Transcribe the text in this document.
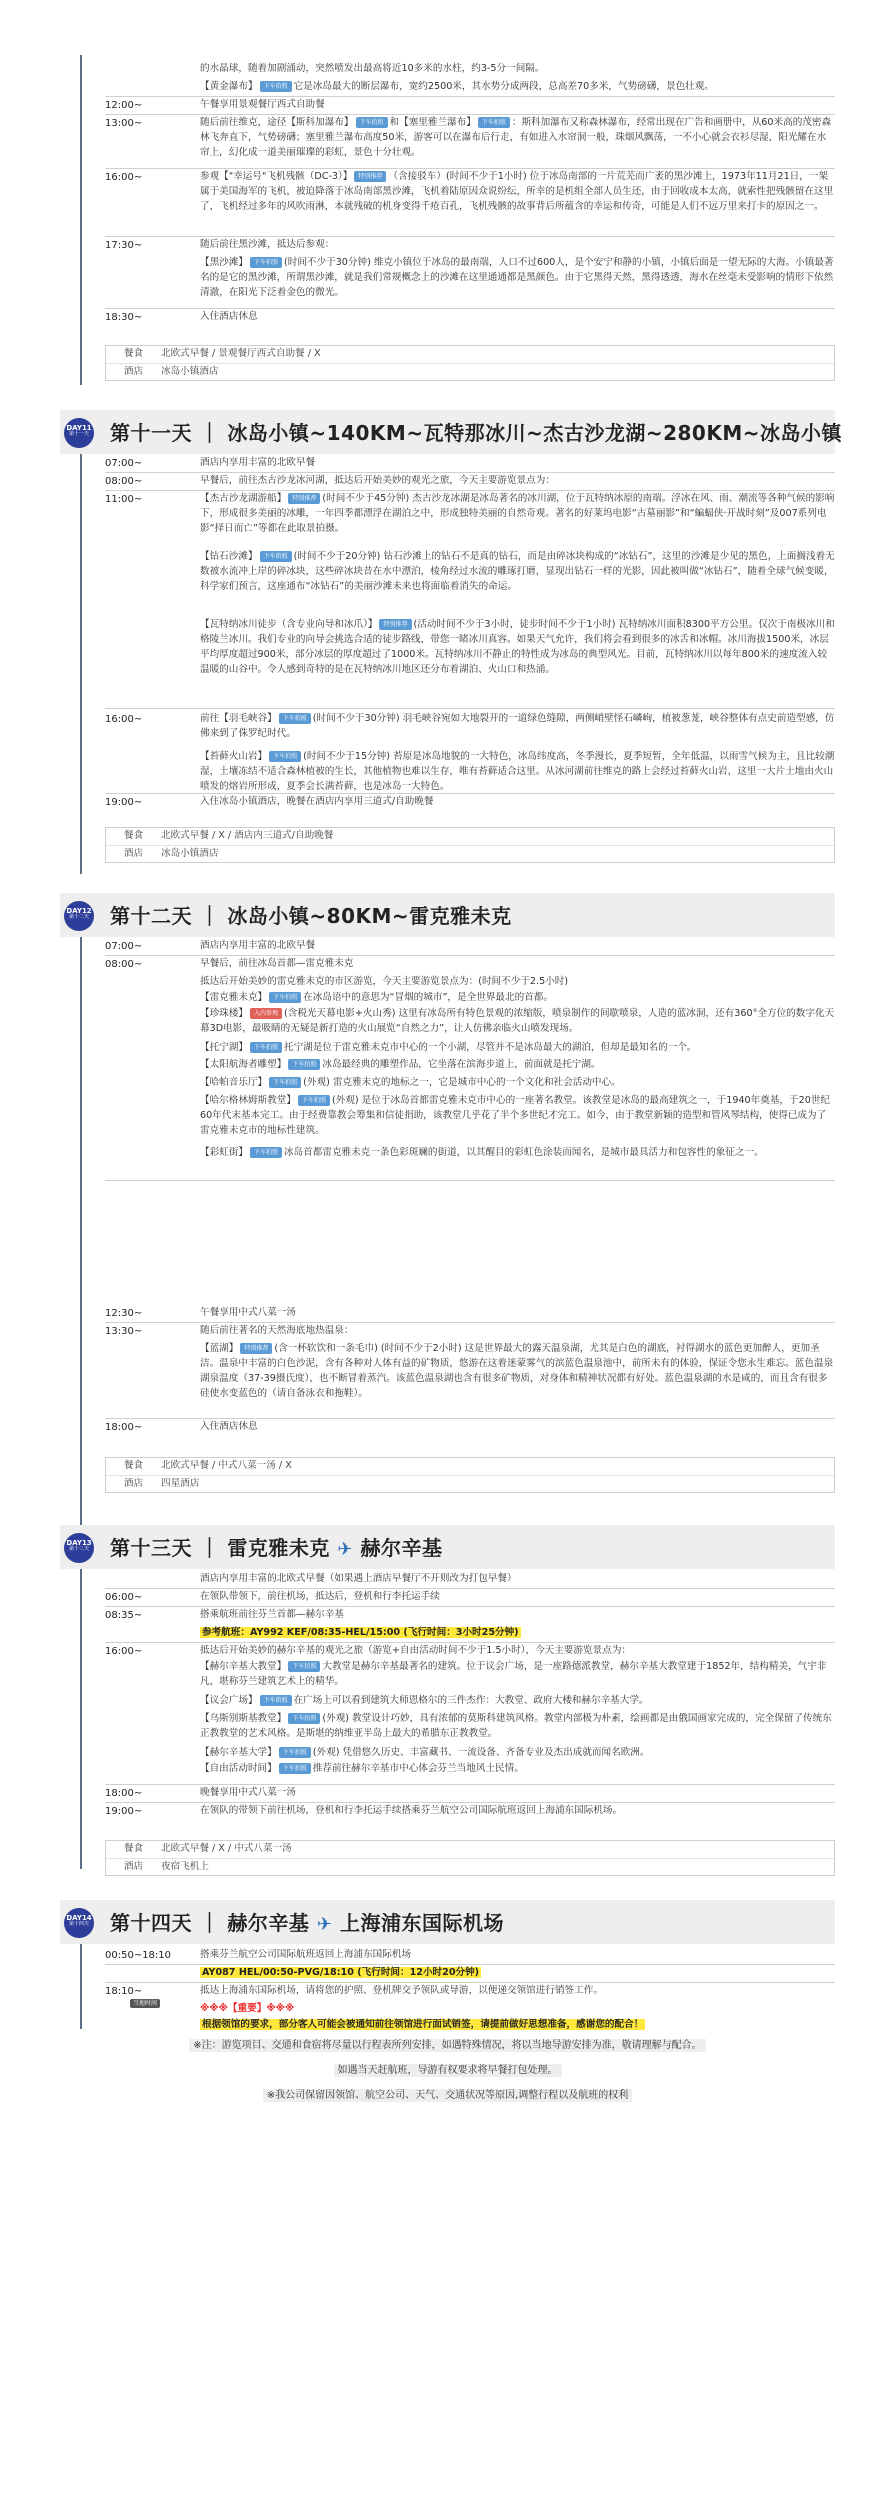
的水晶球，随着加剧涌动，突然喷发出最高将近10多米的水柱，约3-5分一间隔。
【黄金瀑布】 下车拍照 它是冰岛最大的断层瀑布，宽约2500米，其水势分成两段，总高差70多米，气势磅礴，景色壮观。
12:00~	午餐享用景观餐厅西式自助餐
13:00~	随后前往维克，途径【斯科加瀑布】 下车拍照 和【塞里雅兰瀑布】 下车拍照 ：斯科加瀑布又称森林瀑布，经常出现在广告和画册中，从60米高的茂密森林飞奔直下，气势磅礴；塞里雅兰瀑布高度50米，游客可以在瀑布后行走，有如进入水帘洞一般，珠烟风飘荡，一不小心就会衣衫尽湿，阳光耀在水帘上，幻化成一道美丽璀璨的彩虹，景色十分壮观。
16:00~	参观【"幸运号"飞机残骸（DC-3）】 特别推荐 （含接驳车）(时间不少于1小时) 位于冰岛南部的一片荒芜而广袤的黑沙滩上，1973年11月21日，一架属于美国海军的飞机，被迫降落于冰岛南部黑沙滩，飞机着陆原因众说纷纭，所幸的是机组全部人员生还，由于回收成本太高，就索性把残骸留在这里了，飞机经过多年的风吹雨淋，本就残破的机身变得千疮百孔，飞机残骸的故事背后所蕴含的幸运和传奇，可能是人们不远万里来打卡的原因之一。
17:30~	随后前往黑沙滩，抵达后参观：
【黑沙滩】 下车拍照 (时间不少于30分钟) 维克小镇位于冰岛的最南端，人口不过600人，是个安宁和静的小镇，小镇后面是一望无际的大海。小镇最著名的是它的黑沙滩，所谓黑沙滩，就是我们常规概念上的沙滩在这里通通都是黑颜色。由于它黑得天然，黑得透透，海水在丝毫未受影响的情形下依然清澈，在阳光下泛着金色的微光。
18:30~	入住酒店休息
餐食	北欧式早餐 / 景观餐厅西式自助餐 / X
酒店	冰岛小镇酒店
DAY11
第十一天 第十一天 ｜ 冰岛小镇~140KM~瓦特那冰川~杰古沙龙湖~280KM~冰岛小镇
07:00~	酒店内享用丰富的北欧早餐
08:00~	早餐后，前往杰古沙龙冰河湖，抵达后开始美妙的观光之旅，今天主要游览景点为：
11:00~	【杰古沙龙湖游船】 特别推荐 (时间不少于45分钟) 杰古沙龙冰湖是冰岛著名的冰川湖，位于瓦特纳冰原的南端。浮冰在风、雨、潮流等各种气候的影响下，形成很多美丽的冰雕，一年四季都漂浮在湖泊之中，形成独特美丽的自然奇观。著名的好莱坞电影“古墓丽影”和“蝙蝠侠·开战时刻”及007系列电影“择日而亡”等都在此取景拍摄。
【钻石沙滩】 下车拍照 (时间不少于20分钟) 钻石沙滩上的钻石不是真的钻石，而是由碎冰块构成的“冰钻石”，这里的沙滩是少见的黑色，上面搁浅着无数被水流冲上岸的碎冰块，这些碎冰块昔在水中漂泊，棱角经过水流的雕琢打磨，显现出钻石一样的光影，因此被叫做“冰钻石”，随着全球气候变暖，科学家们预言，这座通布“冰钻石”的美丽沙滩未来也将面临着消失的命运。
【瓦特纳冰川徒步（含专业向导和冰爪）】 特别推荐 (活动时间不少于3小时，徒步时间不少于1小时) 瓦特纳冰川面积8300平方公里。仅次于南极冰川和格陵兰冰川。我们专业的向导会挑选合适的徒步路线，带您一睹冰川真容。如果天气允许，我们将会看到很多的冰舌和冰帽。冰川海拔1500米，冰层平均厚度超过900米，部分冰层的厚度超过了1000米。瓦特纳冰川不静止的特性成为冰岛的典型风光。目前，瓦特纳冰川以每年800米的速度流入较温暖的山谷中。令人感到奇特的是在瓦特纳冰川地区还分布着湖泊、火山口和热涌。
16:00~	前往【羽毛峡谷】 下车拍照 (时间不少于30分钟) 羽毛峡谷宛如大地裂开的一道绿色缝隙，两侧峭壁怪石嶙峋，植被葱茏，峡谷整体有点史前造型感，仿佛来到了侏罗纪时代。
【苔藓火山岩】 下车拍照 (时间不少于15分钟) 苔原是冰岛地貌的一大特色，冰岛纬度高，冬季漫长，夏季短暂，全年低温，以雨雪气候为主，且比较潮湿，土壤冻结不适合森林植被的生长，其他植物也难以生存，唯有苔藓适合这里。从冰河湖前往维克的路上会经过苔藓火山岩，这里一大片土地由火山喷发的熔岩所形成，夏季会长满苔藓，也是冰岛一大特色。
19:00~	入住冰岛小镇酒店，晚餐在酒店内享用三道式/自助晚餐
餐食	北欧式早餐 / X / 酒店内三道式/自助晚餐
酒店	冰岛小镇酒店
DAY12
第十二天 第十二天 ｜ 冰岛小镇~80KM~雷克雅未克
07:00~	酒店内享用丰富的北欧早餐
08:00~	早餐后，前往冰岛首都—雷克雅未克
抵达后开始美妙的雷克雅未克的市区游览，今天主要游览景点为：(时间不少于2.5小时)
【雷克雅未克】 下车拍照 在冰岛语中的意思为“冒烟的城市”，是全世界最北的首都。
【珍珠楼】 入内参观 (含税光天幕电影+火山秀) 这里有冰岛所有特色景观的浓缩版，喷泉制作的间歇喷泉，人造的蓝冰洞，还有360°全方位的数字化天幕3D电影，最吸睛的无疑是新打造的火山展览“自然之力”，让人仿佛亲临火山喷发现场。
【托宁湖】 下车拍照 托宁湖是位于雷克雅未克市中心的一个小湖，尽管并不是冰岛最大的湖泊，但却是最知名的一个。
【太阳航海者雕塑】 下车拍照 冰岛最经典的雕塑作品，它坐落在滨海步道上，前面就是托宁湖。
【哈帕音乐厅】 下车拍照 (外观) 雷克雅未克的地标之一，它是城市中心的一个文化和社会活动中心。
【哈尔格林姆斯教堂】 下车拍照 (外观) 是位于冰岛首都雷克雅未克市中心的一座著名教堂。该教堂是冰岛的最高建筑之一，于1940年奠基，于20世纪60年代末基本完工。由于经费靠教会筹集和信徒捐助，该教堂几乎花了半个多世纪才完工。如今，由于教堂新颖的造型和管风琴结构，使得已成为了雷克雅未克市的地标性建筑。
【彩虹街】 下车拍照 冰岛首都雷克雅未克一条色彩斑斓的街道，以其醒目的彩虹色涂装而闻名，是城市最具活力和包容性的象征之一。
12:30~	午餐享用中式八菜一汤
13:30~	随后前往著名的天然海底地热温泉：
【蓝湖】 特别推荐 (含一杯软饮和一条毛巾) (时间不少于2小时) 这是世界最大的露天温泉湖，尤其是白色的湖底，衬得湖水的蓝色更加醉人，更加圣洁。温泉中丰富的白色沙泥，含有各种对人体有益的矿物质，悠游在这着迷蒙雾气的滨蓝色温泉池中，前所未有的体验，保证令您永生难忘。蓝色温泉湖泉温度（37-39摄氏度），也不断冒着蒸汽。该蓝色温泉湖也含有很多矿物质，对身体和精神状况都有好处。蓝色温泉湖的水是咸的，而且含有很多硅使水变蓝色的（请自备泳衣和拖鞋）。
18:00~	入住酒店休息
餐食	北欧式早餐 / 中式八菜一汤 / X
酒店	四星酒店
DAY13
第十三天 第十三天 ｜ 雷克雅未克 ✈ 赫尔辛基
酒店内享用丰富的北欧式早餐（如果遇上酒店早餐厅不开则改为打包早餐）
06:00~	在领队带领下，前往机场，抵达后，登机和行李托运手续
08:35~	搭乘航班前往芬兰首都—赫尔辛基
参考航班：AY992 KEF/08:35-HEL/15:00 (飞行时间：3小时25分钟)
16:00~	抵达后开始美妙的赫尔辛基的观光之旅（游览+自由活动时间不少于1.5小时），今天主要游览景点为：
【赫尔辛基大教堂】 下车拍照 大教堂是赫尔辛基最著名的建筑。位于议会广场，是一座路德派教堂，赫尔辛基大教堂建于1852年，结构精美，气宇非凡，堪称芬兰建筑艺术上的精华。
【议会广场】 下车拍照 在广场上可以看到建筑大师恩格尔的三件杰作：大教堂、政府大楼和赫尔辛基大学。
【乌斯别斯基教堂】 下车拍照 (外观) 教堂设计巧妙，具有浓郁的莫斯科建筑风格。教堂内部极为朴素，绘画都是由俄国画家完成的，完全保留了传统东正教教堂的艺术风格。是斯堪的纳维亚半岛上最大的希腊东正教教堂。
【赫尔辛基大学】 下车拍照 (外观) 凭借悠久历史、丰富藏书、一流设备、齐备专业及杰出成就而闻名欧洲。
【自由活动时间】 下车拍照 推荐前往赫尔辛基市中心体会芬兰当地风土民情。
18:00~	晚餐享用中式八菜一汤
19:00~	在领队的带领下前往机场，登机和行李托运手续搭乘芬兰航空公司国际航班返回上海浦东国际机场。
餐食	北欧式早餐 / X / 中式八菜一汤
酒店	夜宿飞机上
DAY14
第十四天 第十四天 ｜ 赫尔辛基 ✈ 上海浦东国际机场
00:50~18:10	搭乘芬兰航空公司国际航班返回上海浦东国际机场
AY087 HEL/00:50-PVG/18:10 (飞行时间：12小时20分钟)
18:10~	抵达上海浦东国际机场，请将您的护照、登机牌交予领队或导游，以便递交领馆进行销签工作。
※※※【重要】※※※
根据领馆的要求，部分客人可能会被通知前往领馆进行面试销签，请提前做好思想准备，感谢您的配合！
当地时间
※注：游览项目、交通和食宿将尽量以行程表所列安排，如遇特殊情况，将以当地导游安排为准，敬请理解与配合。
如遇当天赶航班，导游有权要求将早餐打包处理。
※我公司保留因领馆、航空公司、天气、交通状况等原因,调整行程以及航班的权利
